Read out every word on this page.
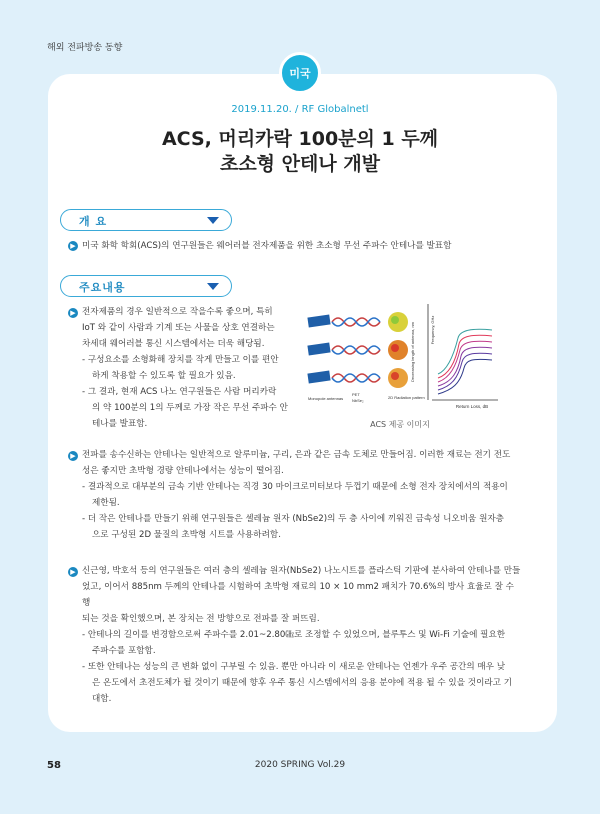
해외 전파방송 동향
미국
2019.11.20. / RF Globalnetl
ACS, 머리카락 100분의 1 두께
초소형 안테나 개발
개 요
▶ 미국 화학 학회(ACS)의 연구원들은 웨어러블 전자제품을 위한 초소형 무선 주파수 안테나를 발표함
주요내용
▶ 전자제품의 경우 일반적으로 작을수록 좋으며, 특히
IoT 와 같이 사람과 기계 또는 사물을 상호 연결하는
차세대 웨어러블 통신 시스템에서는 더욱 해당됨.
- 구성요소를 소형화해 장치를 작게 만들고 이를 편안
하게 착용할 수 있도록 할 필요가 있음.
- 그 결과, 현재 ACS 나노 연구원들은 사람 머리카락
의 약 100분의 1의 두께로 가장 작은 무선 주파수 안
테나를 발표함.
Decreasing length of antenna, nm	Frequency, GHz
Return Loss, dB
Monopole antennas
PET
NbSe₂
2D Radiation pattern
ACS 제공 이미지
▶ 전파를 송수신하는 안테나는 일반적으로 알루미늄, 구리, 은과 같은 금속 도체로 만들어짐. 이러한 재료는 전기 전도
성은 좋지만 초박형 경량 안테나에서는 성능이 떨어짐.
- 결과적으로 대부분의 금속 기반 안테나는 직경 30 마이크로미터보다 두껍기 때문에 소형 전자 장치에서의 적용이
제한됨.
- 더 작은 안테나를 만들기 위해 연구원들은 셀레늄 원자 (NbSe2)의 두 층 사이에 끼워진 금속성 니오비움 원자층
으로 구성된 2D 물질의 초박형 시트를 사용하려함.
▶ 신근영, 박호석 등의 연구원들은 여러 층의 셀레늄 원자(NbSe2) 나노시트를 플라스틱 기판에 분사하여 안테나를 만들
었고, 이어서 885nm 두께의 안테나를 시험하여 초박형 재료의 10 × 10 mm2 패치가 70.6%의 방사 효율로 잘 수행
되는 것을 확인했으며, 본 장치는 전 방향으로 전파를 잘 퍼뜨림.
- 안테나의 길이를 변경함으로써 주파수를 2.01~2.80㎓로 조정할 수 있었으며, 블루투스 및 Wi-Fi 기술에 필요한
주파수를 포함함.
- 또한 안테나는 성능의 큰 변화 없이 구부릴 수 있음. 뿐만 아니라 이 새로운 안테나는 언젠가 우주 공간의 매우 낮
은 온도에서 초전도체가 될 것이기 때문에 향후 우주 통신 시스템에서의 응용 분야에 적용 될 수 있을 것이라고 기
대함.
58	2020 SPRING Vol.29
